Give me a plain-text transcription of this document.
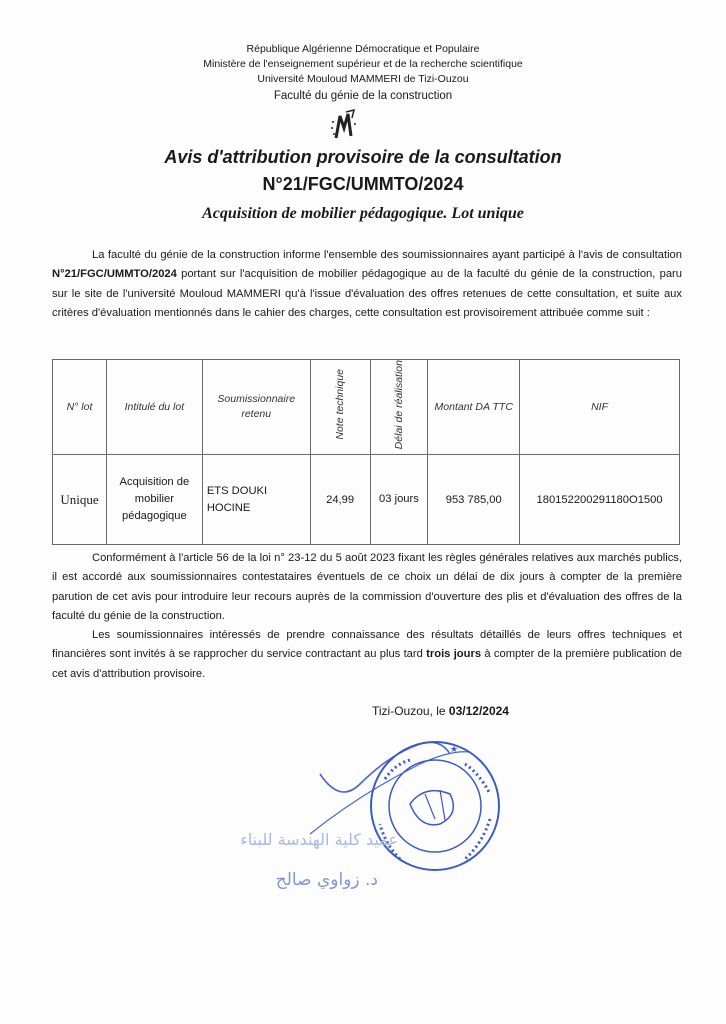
République Algérienne Démocratique et Populaire
Ministère de l'enseignement supérieur et de la recherche scientifique
Université Mouloud MAMMERI de Tizi-Ouzou
Faculté du génie de la construction
Avis d'attribution provisoire de la consultation
N°21/FGC/UMMTO/2024
Acquisition de mobilier pédagogique. Lot unique
La faculté du génie de la construction informe l'ensemble des soumissionnaires ayant participé à l'avis de consultation N°21/FGC/UMMTO/2024 portant sur l'acquisition de mobilier pédagogique au de la faculté du génie de la construction, paru sur le site de l'université Mouloud MAMMERI qu'à l'issue d'évaluation des offres retenues de cette consultation, et suite aux critères d'évaluation mentionnés dans le cahier des charges, cette consultation est provisoirement attribuée comme suit :
N° lot	Intitulé du lot	Soumissionnaire retenu	Note technique	Délai de réalisation	Montant DA TTC	NIF
Unique	Acquisition de mobilier pédagogique	ETS DOUKI HOCINE	24,99	03 jours	953 785,00	180152200291180O1500
Conformément à l'article 56 de la loi n° 23-12 du 5 août 2023 fixant les règles générales relatives aux marchés publics, il est accordé aux soumissionnaires contestataires éventuels de ce choix un délai de dix jours à compter de la première parution de cet avis pour introduire leur recours auprès de la commission d'ouverture des plis et d'évaluation des offres de la faculté du génie de la construction.
Les soumissionnaires intéressés de prendre connaissance des résultats détaillés de leurs offres techniques et financières sont invités à se rapprocher du service contractant au plus tard trois jours à compter de la première publication de cet avis d'attribution provisoire.
Tizi-Ouzou, le 03/12/2024
★
عميد كلية الهندسة للبناء
د. زواوي صالح
